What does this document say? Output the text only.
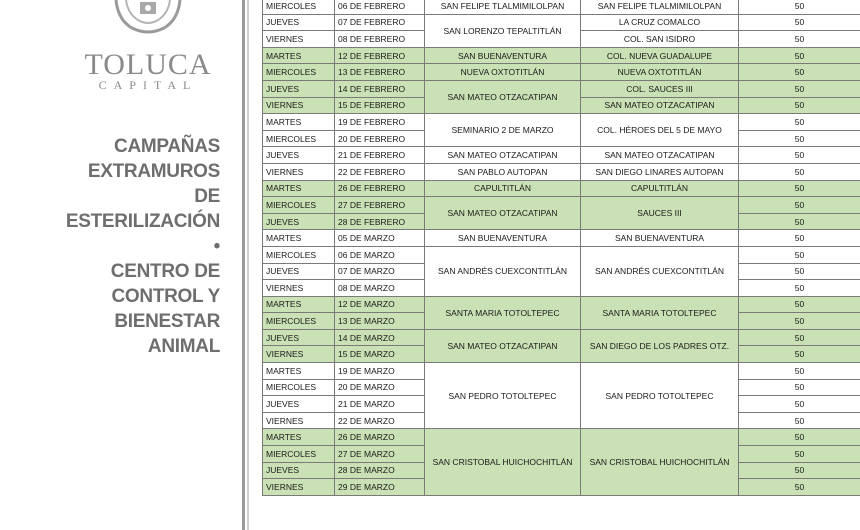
TOLUCA
CAPITAL
CAMPAÑAS
EXTRAMUROS
DE
ESTERILIZACIÓN
•
CENTRO DE
CONTROL Y
BIENESTAR
ANIMAL
MIERCOLES	06 DE FEBRERO	SAN FELIPE TLALMIMILOLPAN	SAN FELIPE TLALMIMILOLPAN	50
JUEVES	07 DE FEBRERO	SAN LORENZO TEPALTITLÁN	LA CRUZ COMALCO	50
VIERNES	08 DE FEBRERO		COL. SAN ISIDRO	50
MARTES	12 DE FEBRERO	SAN BUENAVENTURA	COL. NUEVA GUADALUPE	50
MIERCOLES	13 DE FEBRERO	NUEVA OXTOTITLÁN	NUEVA OXTOTITLÁN	50
JUEVES	14 DE FEBRERO	SAN MATEO OTZACATIPAN	COL. SAUCES III	50
VIERNES	15 DE FEBRERO		SAN MATEO OTZACATIPAN	50
MARTES	19 DE FEBRERO	SEMINARIO 2 DE MARZO	COL. HÉROES DEL 5 DE MAYO	50
MIERCOLES	20 DE FEBRERO			50
JUEVES	21 DE FEBRERO	SAN MATEO OTZACATIPAN	SAN MATEO OTZACATIPAN	50
VIERNES	22 DE FEBRERO	SAN PABLO AUTOPAN	SAN DIEGO LINARES AUTOPAN	50
MARTES	26 DE FEBRERO	CAPULTITLÁN	CAPULTITLÁN	50
MIERCOLES	27 DE FEBRERO	SAN MATEO OTZACATIPAN	SAUCES III	50
JUEVES	28 DE FEBRERO			50
MARTES	05 DE MARZO	SAN BUENAVENTURA	SAN BUENAVENTURA	50
MIERCOLES	06 DE MARZO	SAN ANDRÉS CUEXCONTITLÁN	SAN ANDRÉS CUEXCONTITLÁN	50
JUEVES	07 DE MARZO			50
VIERNES	08 DE MARZO			50
MARTES	12 DE MARZO	SANTA MARIA TOTOLTEPEC	SANTA MARIA TOTOLTEPEC	50
MIERCOLES	13 DE MARZO			50
JUEVES	14 DE MARZO	SAN MATEO OTZACATIPAN	SAN DIEGO DE LOS PADRES OTZ.	50
VIERNES	15 DE MARZO			50
MARTES	19 DE MARZO	SAN PEDRO TOTOLTEPEC	SAN PEDRO TOTOLTEPEC	50
MIERCOLES	20 DE MARZO			50
JUEVES	21 DE MARZO			50
VIERNES	22 DE MARZO			50
MARTES	26 DE MARZO	SAN CRISTOBAL HUICHOCHITLÁN	SAN CRISTOBAL HUICHOCHITLÁN	50
MIERCOLES	27 DE MARZO			50
JUEVES	28 DE MARZO			50
VIERNES	29 DE MARZO			50
